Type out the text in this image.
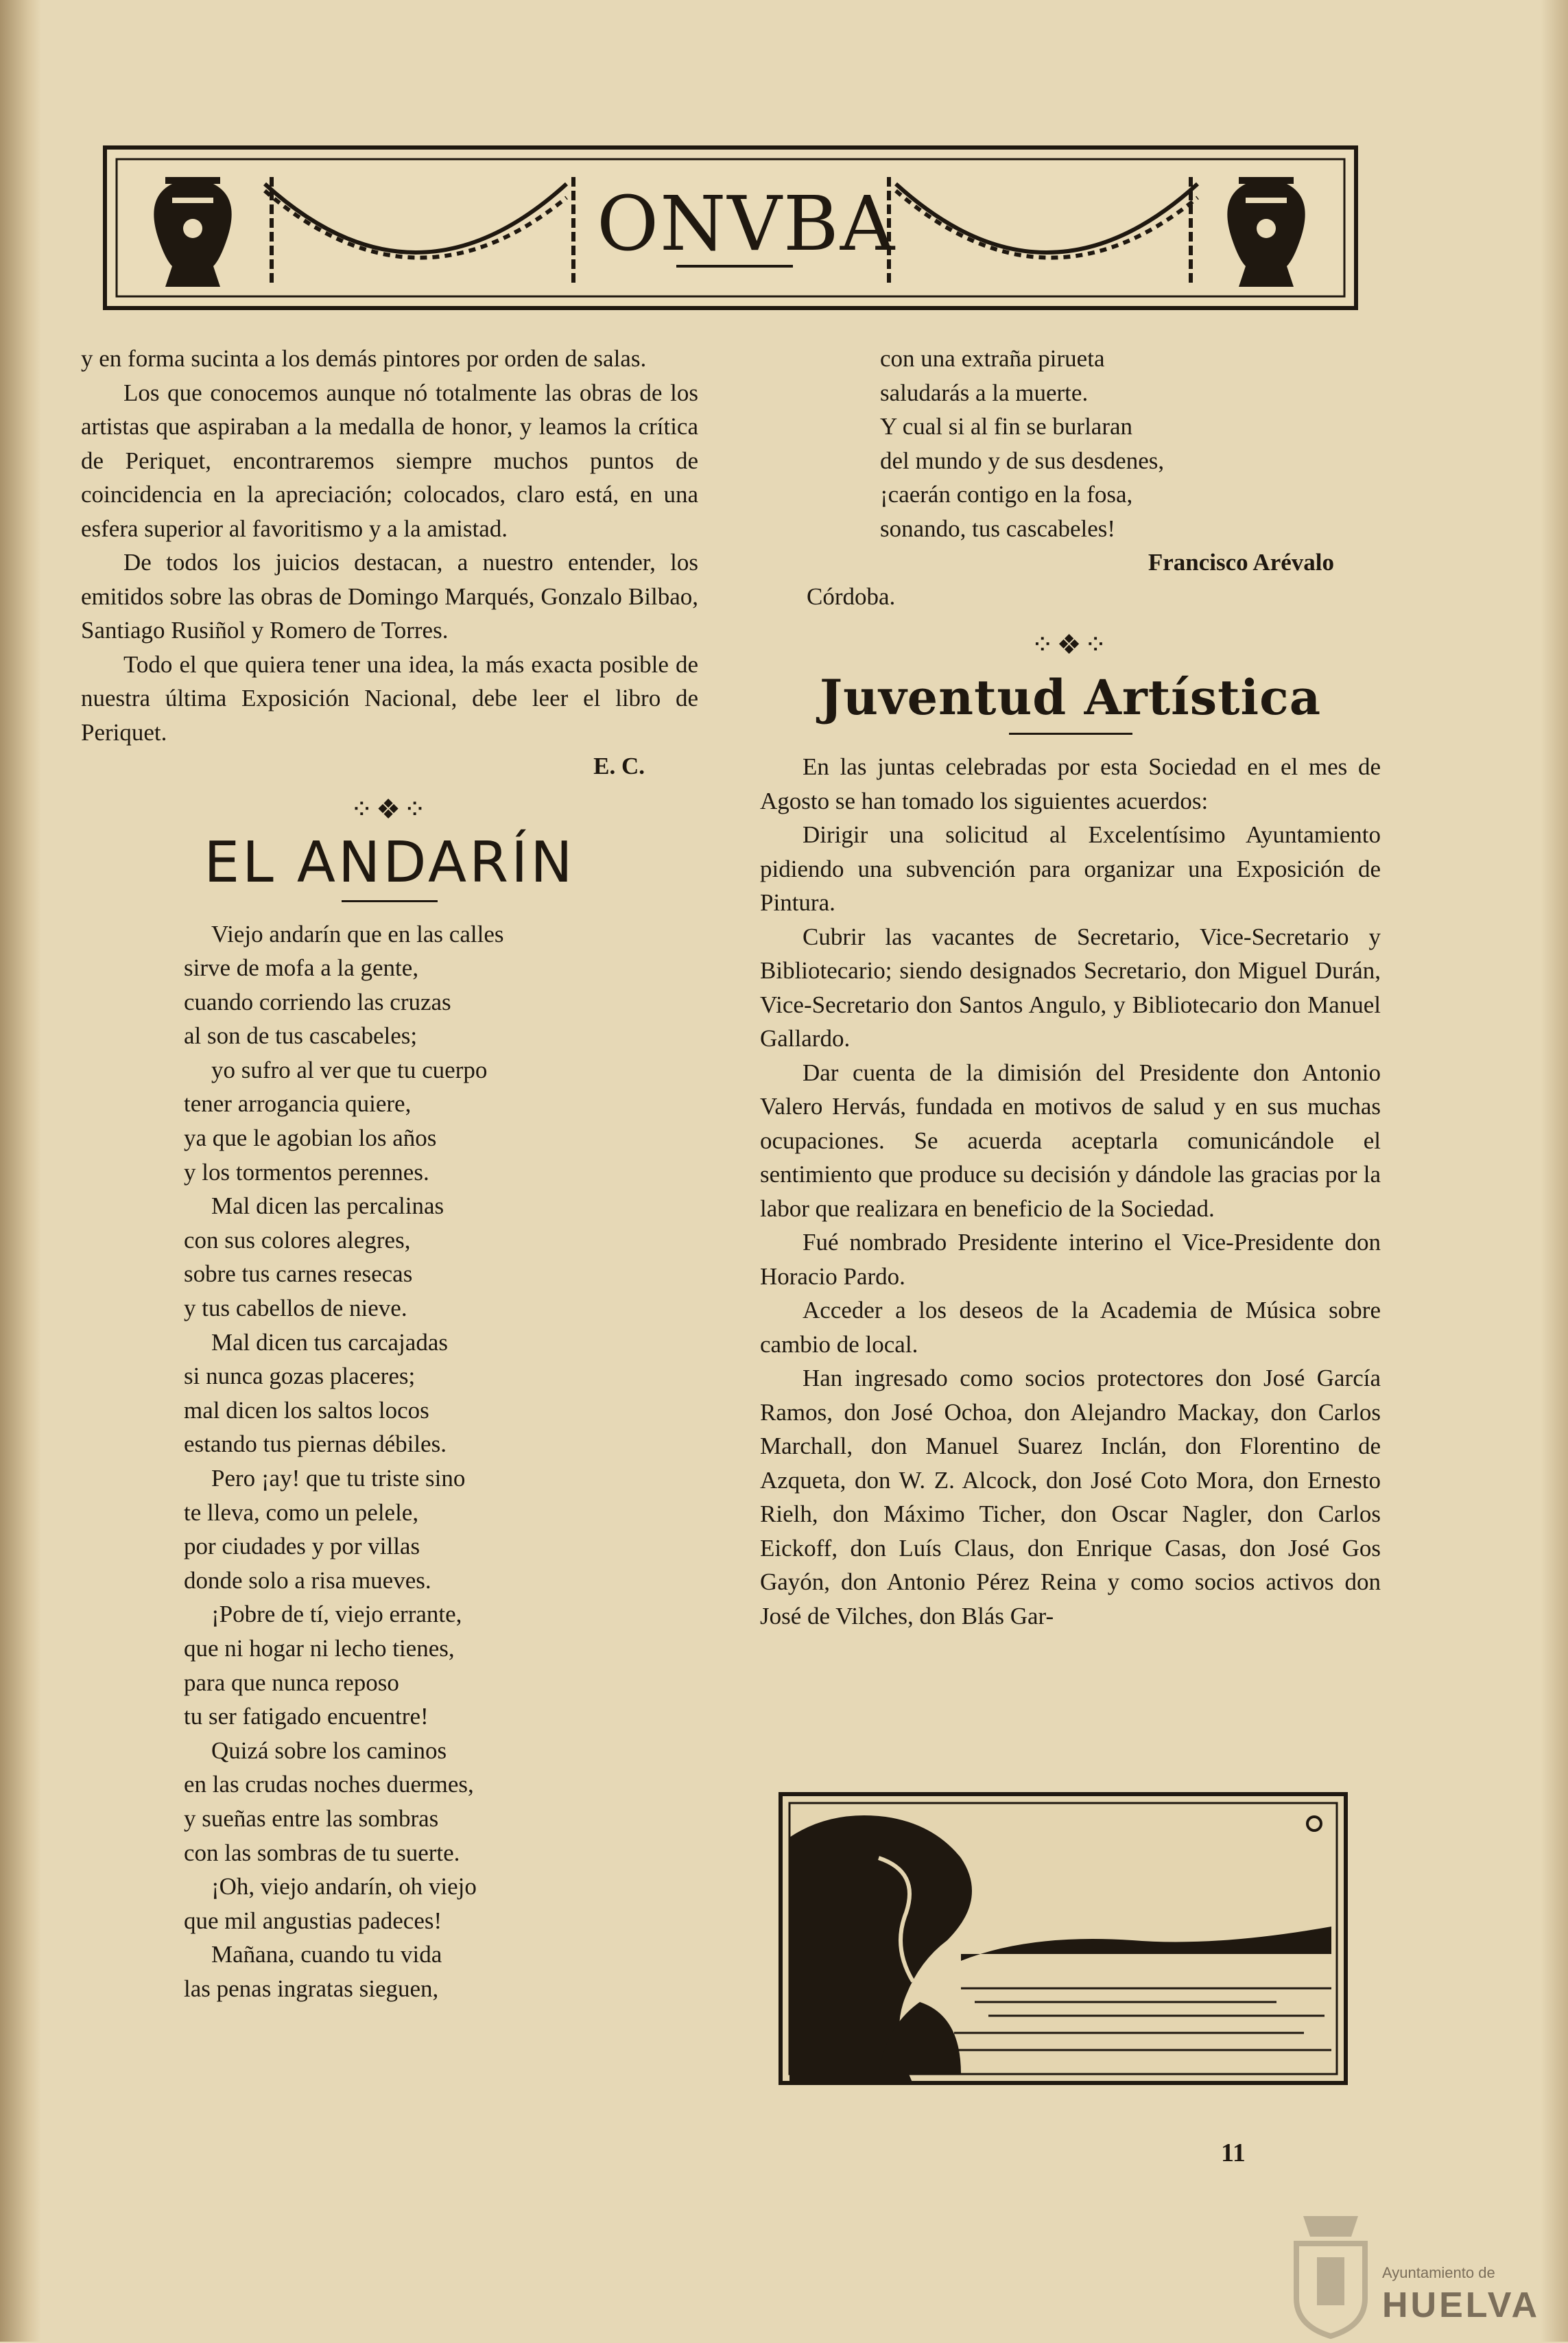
ONVBA

y en forma sucinta a los demás pintores por orden de salas.

Los que conocemos aunque nó totalmente las obras de los artistas que aspiraban a la medalla de honor, y leamos la crítica de Periquet, encontraremos siempre muchos puntos de coincidencia en la apreciación; colocados, claro está, en una esfera superior al favoritismo y a la amistad.

De todos los juicios destacan, a nuestro entender, los emitidos sobre las obras de Domingo Marqués, Gonzalo Bilbao, Santiago Rusiñol y Romero de Torres.

Todo el que quiera tener una idea, la más exacta posible de nuestra última Exposición Nacional, debe leer el libro de Periquet.

E. C.

⁘❖⁘
EL ANDARÍN

Viejo andarín que en las calles

sirve de mofa a la gente,

cuando corriendo las cruzas

al son de tus cascabeles;

yo sufro al ver que tu cuerpo

tener arrogancia quiere,

ya que le agobian los años

y los tormentos perennes.

Mal dicen las percalinas

con sus colores alegres,

sobre tus carnes resecas

y tus cabellos de nieve.

Mal dicen tus carcajadas

si nunca gozas placeres;

mal dicen los saltos locos

estando tus piernas débiles.

Pero ¡ay! que tu triste sino

te lleva, como un pelele,

por ciudades y por villas

donde solo a risa mueves.

¡Pobre de tí, viejo errante,

que ni hogar ni lecho tienes,

para que nunca reposo

tu ser fatigado encuentre!

Quizá sobre los caminos

en las crudas noches duermes,

y sueñas entre las sombras

con las sombras de tu suerte.

¡Oh, viejo andarín, oh viejo

que mil angustias padeces!

Mañana, cuando tu vida

las penas ingratas sieguen,

con una extraña pirueta

saludarás a la muerte.

Y cual si al fin se burlaran

del mundo y de sus desdenes,

¡caerán contigo en la fosa,

sonando, tus cascabeles!

Francisco Arévalo

Córdoba.

⁘❖⁘
Juventud Artística

En las juntas celebradas por esta Sociedad en el mes de Agosto se han tomado los siguientes acuerdos:

Dirigir una solicitud al Excelentísimo Ayuntamiento pidiendo una subvención para organizar una Exposición de Pintura.

Cubrir las vacantes de Secretario, Vice-Secretario y Bibliotecario; siendo designados Secretario, don Miguel Durán, Vice-Secretario don Santos Angulo, y Bibliotecario don Manuel Gallardo.

Dar cuenta de la dimisión del Presidente don Antonio Valero Hervás, fundada en motivos de salud y en sus muchas ocupaciones. Se acuerda aceptarla comunicándole el sentimiento que produce su decisión y dándole las gracias por la labor que realizara en beneficio de la Sociedad.

Fué nombrado Presidente interino el Vice-Presidente don Horacio Pardo.

Acceder a los deseos de la Academia de Música sobre cambio de local.

Han ingresado como socios protectores don José García Ramos, don José Ochoa, don Alejandro Mackay, don Carlos Marchall, don Manuel Suarez Inclán, don Florentino de Azqueta, don W. Z. Alcock, don José Coto Mora, don Ernesto Rielh, don Máximo Ticher, don Oscar Nagler, don Carlos Eickoff, don Luís Claus, don Enrique Casas, don José Gos Gayón, don Antonio Pérez Reina y como socios activos don José de Vilches, don Blás Gar-

11
Ayuntamiento de
HUELVA
